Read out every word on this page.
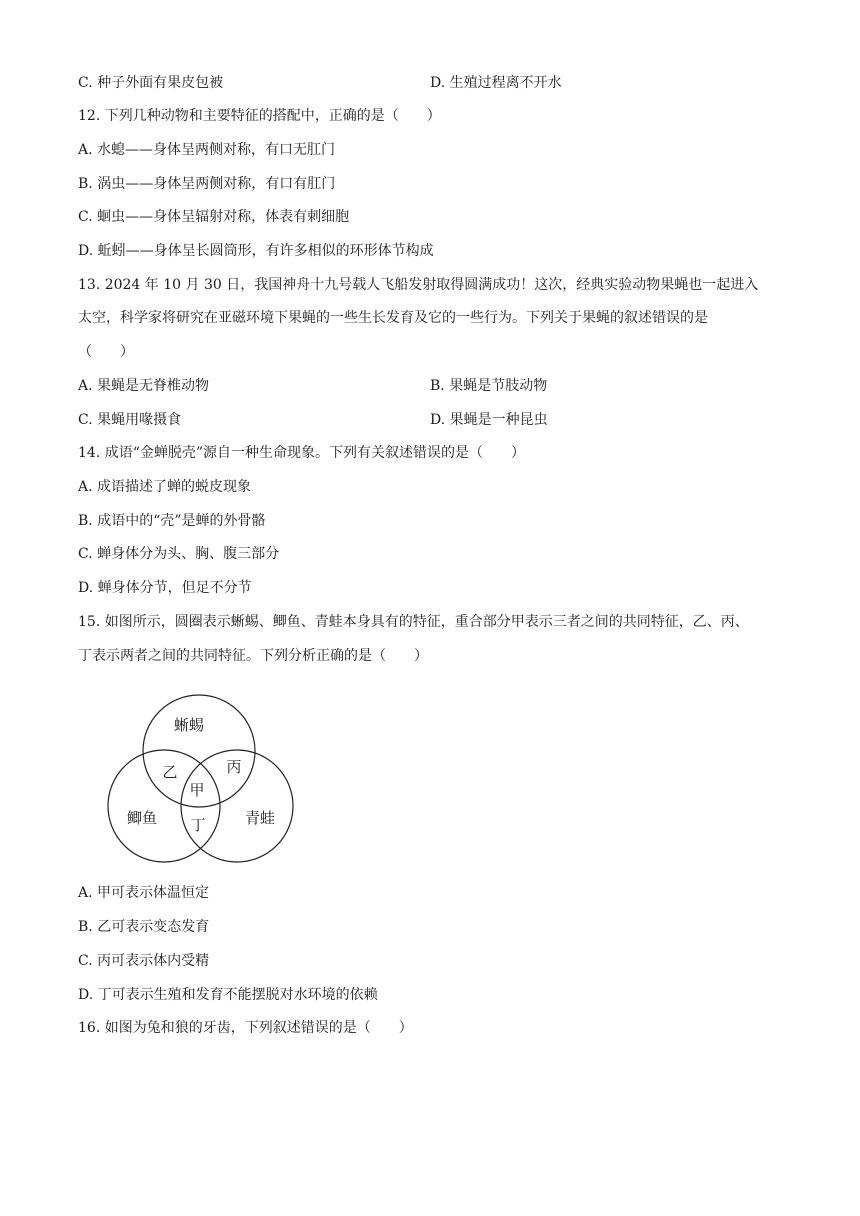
C. 种子外面有果皮包被	D. 生殖过程离不开水
12. 下列几种动物和主要特征的搭配中，正确的是（　　）
A. 水螅——身体呈两侧对称，有口无肛门
B. 涡虫——身体呈两侧对称，有口有肛门
C. 蛔虫——身体呈辐射对称，体表有刺细胞
D. 蚯蚓——身体呈长圆筒形，有许多相似的环形体节构成
13. 2024 年 10 月 30 日，我国神舟十九号载人飞船发射取得圆满成功！这次，经典实验动物果蝇也一起进入
太空，科学家将研究在亚磁环境下果蝇的一些生长发育及它的一些行为。下列关于果蝇的叙述错误的是
（　　）
A. 果蝇是无脊椎动物	B. 果蝇是节肢动物
C. 果蝇用喙摄食	D. 果蝇是一种昆虫
14. 成语“金蝉脱壳”源自一种生命现象。下列有关叙述错误的是（　　）
A. 成语描述了蝉的蜕皮现象
B. 成语中的“壳”是蝉的外骨骼
C. 蝉身体分为头、胸、腹三部分
D. 蝉身体分节，但足不分节
15. 如图所示，圆圈表示蜥蜴、鲫鱼、青蛙本身具有的特征，重合部分甲表示三者之间的共同特征，乙、丙、
丁表示两者之间的共同特征。下列分析正确的是（　　）
蜥蜴
鲫鱼	青蛙
甲
乙	丙
丁
A. 甲可表示体温恒定
B. 乙可表示变态发育
C. 丙可表示体内受精
D. 丁可表示生殖和发育不能摆脱对水环境的依赖
16. 如图为兔和狼的牙齿，下列叙述错误的是（　　）
